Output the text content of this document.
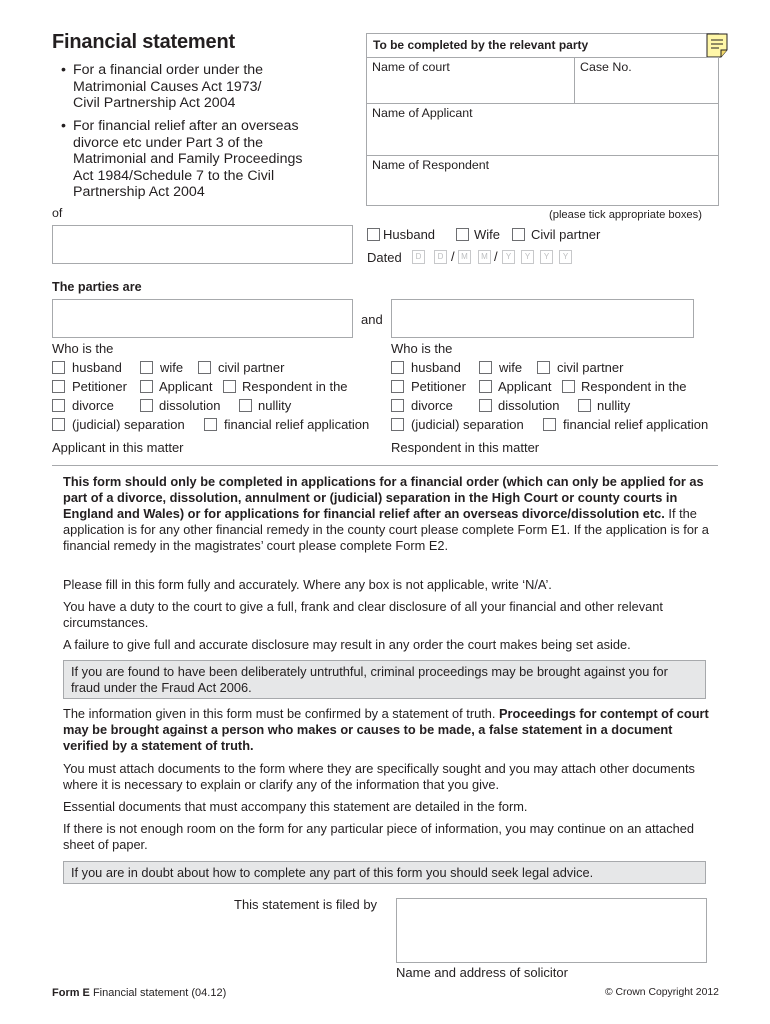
Financial statement
• For a financial order under the
Matrimonial Causes Act 1973/
Civil Partnership Act 2004
• For financial relief after an overseas
divorce etc under Part 3 of the
Matrimonial and Family Proceedings
Act 1984/Schedule 7 to the Civil
Partnership Act 2004
of
To be completed by the relevant party
Name of court	Case No.
Name of Applicant
Name of Respondent
(please tick appropriate boxes)
Husband	Wife Civil partner
Dated	D	D / M	M /	Y	Y	Y	Y
The parties are
and
Who is the
husband	wife	civil partner
Petitioner Applicant Respondent in the
divorce	dissolution	nullity
(judicial) separation	financial relief application
Applicant in this matter
Who is the
husband	wife	civil partner
Petitioner Applicant Respondent in the
divorce	dissolution	nullity
(judicial) separation	financial relief application
Respondent in this matter
This form should only be completed in applications for a financial order (which can only be applied for as part of a divorce, dissolution, annulment or (judicial) separation in the High Court or county courts in England and Wales) or for applications for financial relief after an overseas divorce/dissolution etc. If the application is for any other financial remedy in the county court please complete Form E1. If the application is for a financial remedy in the magistrates’ court please complete Form E2.
Please fill in this form fully and accurately. Where any box is not applicable, write ‘N/A’.
You have a duty to the court to give a full, frank and clear disclosure of all your financial and other relevant circumstances.
A failure to give full and accurate disclosure may result in any order the court makes being set aside.
If you are found to have been deliberately untruthful, criminal proceedings may be brought against you for fraud under the Fraud Act 2006.
The information given in this form must be confirmed by a statement of truth. Proceedings for contempt of court may be brought against a person who makes or causes to be made, a false statement in a document verified by a statement of truth.
You must attach documents to the form where they are specifically sought and you may attach other documents where it is necessary to explain or clarify any of the information that you give.
Essential documents that must accompany this statement are detailed in the form.
If there is not enough room on the form for any particular piece of information, you may continue on an attached sheet of paper.
If you are in doubt about how to complete any part of this form you should seek legal advice.
This statement is filed by
Name and address of solicitor
Form E Financial statement (04.12)	© Crown Copyright 2012
